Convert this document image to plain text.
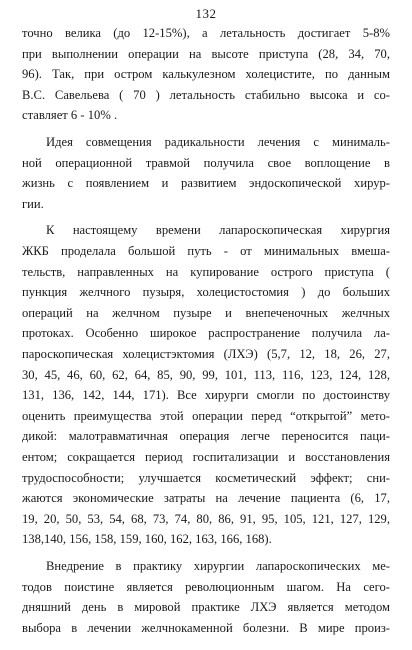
132
точно велика (до 12-15%), а летальность достигает 5-8%
при выполнении операции на высоте приступа (28, 34, 70,
96). Так, при остром калькулезном холецистите, по данным
В.С. Савельева ( 70 ) летальность стабильно высока и со-
ставляет 6 - 10% .
Идея совмещения радикальности лечения с минималь-
ной операционной травмой получила свое воплощение в
жизнь с появлением и развитием эндоскопической хирур-
гии.
К настоящему времени лапароскопическая хирургия
ЖКБ проделала большой путь - от минимальных вмеша-
тельств, направленных на купирование острого приступа (
пункция желчного пузыря, холецистостомия ) до больших
операций на желчном пузыре и внепеченочных желчных
протоках. Особенно широкое распространение получила ла-
пароскопическая холецистэктомия (ЛХЭ) (5,7, 12, 18, 26, 27,
30, 45, 46, 60, 62, 64, 85, 90, 99, 101, 113, 116, 123, 124, 128,
131, 136, 142, 144, 171). Все хирурги смогли по достоинству
оценить преимущества этой операции перед “открытой” мето-
дикой: малотравматичная операция легче переносится паци-
ентом; сокращается период госпитализации и восстановления
трудоспособности; улучшается косметический эффект; сни-
жаются экономические затраты на лечение пациента (6, 17,
19, 20, 50, 53, 54, 68, 73, 74, 80, 86, 91, 95, 105, 121, 127, 129,
138,140, 156, 158, 159, 160, 162, 163, 166, 168).
Внедрение в практику хирургии лапароскопических ме-
тодов поистине является революционным шагом. На сего-
дняшний день в мировой практике ЛХЭ является методом
выбора в лечении желчнокаменной болезни. В мире произ-
